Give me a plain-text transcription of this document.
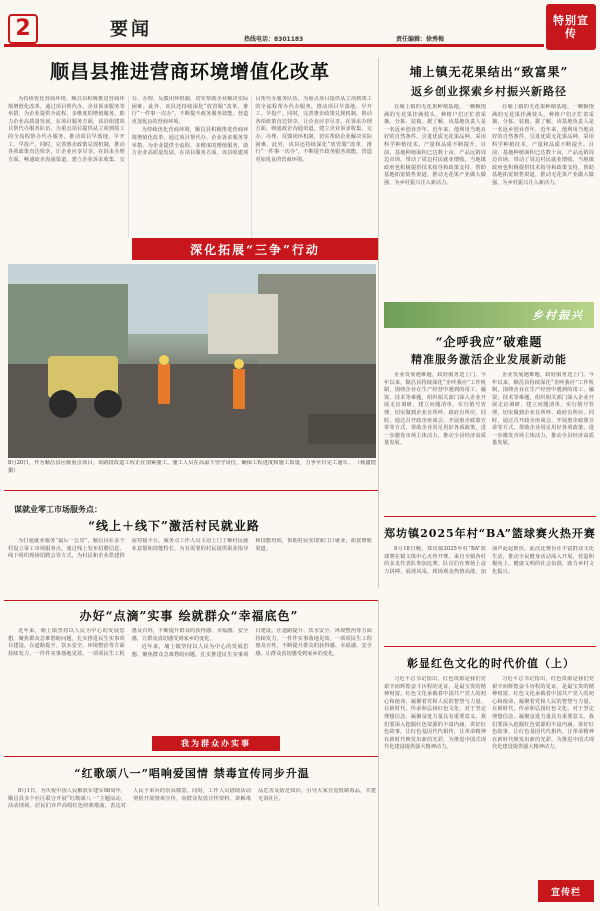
2	要闻	热线电话：8301183	责任编辑：徐秀梅
特别宣传
顺昌县推进营商环境增值化改革

为持续优化营商环境，顺昌县积极推进营商环境增值化改革，通过项目帮代办、企业诉求服务等举措，为企业提供全流程、多维度的增值服务，助力企业高质量发展。在项目服务方面，该县组建项目帮代办服务队伍，为重点项目提供从立项到竣工的全流程帮办代办服务，推动项目早落地、早开工、早投产。同时，完善惠企政策兑现机制，推动各项政策直达快享，让企业应享尽享。在诉求办理方面，畅通政企沟通渠道，建立企业诉求收集、交办、办理、反馈闭环机制，切实帮助企业解决实际困难。此外，该县还持续深化“放管服”改革，推行“一件事一次办”，不断提升政务服务效能，营造更加优良的营商环境。

为持续优化营商环境，顺昌县积极推进营商环境增值化改革，通过项目帮代办、企业诉求服务等举措，为企业提供全流程、多维度的增值服务，助力企业高质量发展。在项目服务方面，该县组建项目帮代办服务队伍，为重点项目提供从立项到竣工的全流程帮办代办服务，推动项目早落地、早开工、早投产。同时，完善惠企政策兑现机制，推动各项政策直达快享，让企业应享尽享。在诉求办理方面，畅通政企沟通渠道，建立企业诉求收集、交办、办理、反馈闭环机制，切实帮助企业解决实际困难。此外，该县还持续深化“放管服”改革，推行“一件事一次办”，不断提升政务服务效能，营造更加优良的营商环境。

埔上镇无花果结出“致富果”
返乡创业探索乡村振兴新路径

在埔上镇的无花果种植基地，一颗颗饱满的无花果挂满枝头，种植户们正忙着采摘、分拣、装箱。据了解，该基地负责人是一名返乡创业青年，近年来，他利用当地良好的自然条件，引进优质无花果品种，采用科学种植技术，产量和品质不断提升。目前，基地种植面积已达数十亩，产品远销周边市场，带动了周边村民就业增收。当地镇政府也积极提供技术指导和政策支持，帮助基地拓宽销售渠道，推动无花果产业做大做强，为乡村振兴注入新活力。

在埔上镇的无花果种植基地，一颗颗饱满的无花果挂满枝头，种植户们正忙着采摘、分拣、装箱。据了解，该基地负责人是一名返乡创业青年，近年来，他利用当地良好的自然条件，引进优质无花果品种，采用科学种植技术，产量和品质不断提升。目前，基地种植面积已达数十亩，产品远销周边市场，带动了周边村民就业增收。当地镇政府也积极提供技术指导和政策支持，帮助基地拓宽销售渠道，推动无花果产业做大做强，为乡村振兴注入新活力。

深化拓展“三争”行动
8月20日，作为顺昌县区级重点项目，该路段改造工程正在加紧施工。施工人员在高温下坚守岗位，确保工程进度和施工质量，力争早日完工通车。 （杨鑫煌 摄）
乡村振兴
“企呼我应”破难题
精准服务激活企业发展新动能

企业发展遇难题，政府服务送上门。今年以来，顺昌县持续深化“企呼我应”工作机制，围绕企业在生产经营中遇到的用工、融资、技术等难题，组织相关部门深入企业开展走访调研，建立问题清单，实行销号管理，切实做到企业有所呼、政府有所应。同时，通过召开政企座谈会、开展惠企政策宣讲等方式，帮助企业用足用好各项政策，进一步激发市场主体活力，推动全县经济高质量发展。

企业发展遇难题，政府服务送上门。今年以来，顺昌县持续深化“企呼我应”工作机制，围绕企业在生产经营中遇到的用工、融资、技术等难题，组织相关部门深入企业开展走访调研，建立问题清单，实行销号管理，切实做到企业有所呼、政府有所应。同时，通过召开政企座谈会、开展惠企政策宣讲等方式，帮助企业用足用好各项政策，进一步激发市场主体活力，推动全县经济高质量发展。

谋就业零工市场服务点：
“线上＋线下”激活村民就业路

为打通就业服务“最后一公里”，顺昌县在多个村设立零工市场服务点，通过线上发布招聘信息、线下组织现场招聘会等方式，为村民和企业搭建供需对接平台。服务点工作人员主动上门了解村民就业意愿和技能特长，为有需要的村民提供职业指导和技能培训，帮助村民实现家门口就业，拓宽增收渠道。

郑坊镇2025年村“BA”篮球赛火热开赛

8月18日晚，郑坊镇2025年村“BA”篮球赛在镇文体中心火热开赛。来自全镇各村的多支代表队参加比赛，队员们在赛场上奋力拼搏、展现风采，现场观众热情高涨、加油声此起彼伏。此次比赛旨在丰富群众文化生活，推动全民健身活动深入开展，营造积极向上、健康文明的社会氛围，助力乡村文化振兴。

办好“点滴”实事 绘就群众“幸福底色”

近年来，埔上镇坚持以人民为中心的发展思想，聚焦群众急难愁盼问题，扎实推进民生实事项目建设。在道路提升、饮水安全、环境整治等方面持续发力，一件件实事落地见效，一项项民生工程惠及百姓，不断提升群众的获得感、幸福感、安全感，让群众真切感受到家乡的变化。

近年来，埔上镇坚持以人民为中心的发展思想，聚焦群众急难愁盼问题，扎实推进民生实事项目建设。在道路提升、饮水安全、环境整治等方面持续发力，一件件实事落地见效，一项项民生工程惠及百姓，不断提升群众的获得感、幸福感、安全感，让群众真切感受到家乡的变化。

我为群众办实事
彰显红色文化的时代价值（上）

习近平总书记指出，红色资源是我们党艰辛而辉煌奋斗历程的见证，是最宝贵的精神财富。红色文化承载着中国共产党人的初心和使命，凝聚着党和人民的智慧与力量。在新时代，传承和弘扬红色文化，对于坚定理想信念、凝聚奋进力量具有重要意义。我们要深入挖掘红色资源的丰富内涵，讲好红色故事，让红色基因代代相传，让革命精神在新时代焕发出新的光彩，为推进中国式现代化建设提供强大精神动力。

习近平总书记指出，红色资源是我们党艰辛而辉煌奋斗历程的见证，是最宝贵的精神财富。红色文化承载着中国共产党人的初心和使命，凝聚着党和人民的智慧与力量。在新时代，传承和弘扬红色文化，对于坚定理想信念、凝聚奋进力量具有重要意义。我们要深入挖掘红色资源的丰富内涵，讲好红色故事，让红色基因代代相传，让革命精神在新时代焕发出新的光彩，为推进中国式现代化建设提供强大精神动力。

宣传栏
“红歌颂八一”唱响爱国情 禁毒宣传同步升温

8月1日，为庆祝中国人民解放军建军98周年，顺昌县多个社区联合开展“红歌颂八一”主题活动。活动现场，居民们齐声高唱红色经典歌曲，表达对人民子弟兵的崇高敬意。同时，工作人员借助活动契机开展禁毒宣传，向群众发放宣传资料，讲解毒品危害及防范知识，引导大家自觉抵制毒品，共建无毒社区。
